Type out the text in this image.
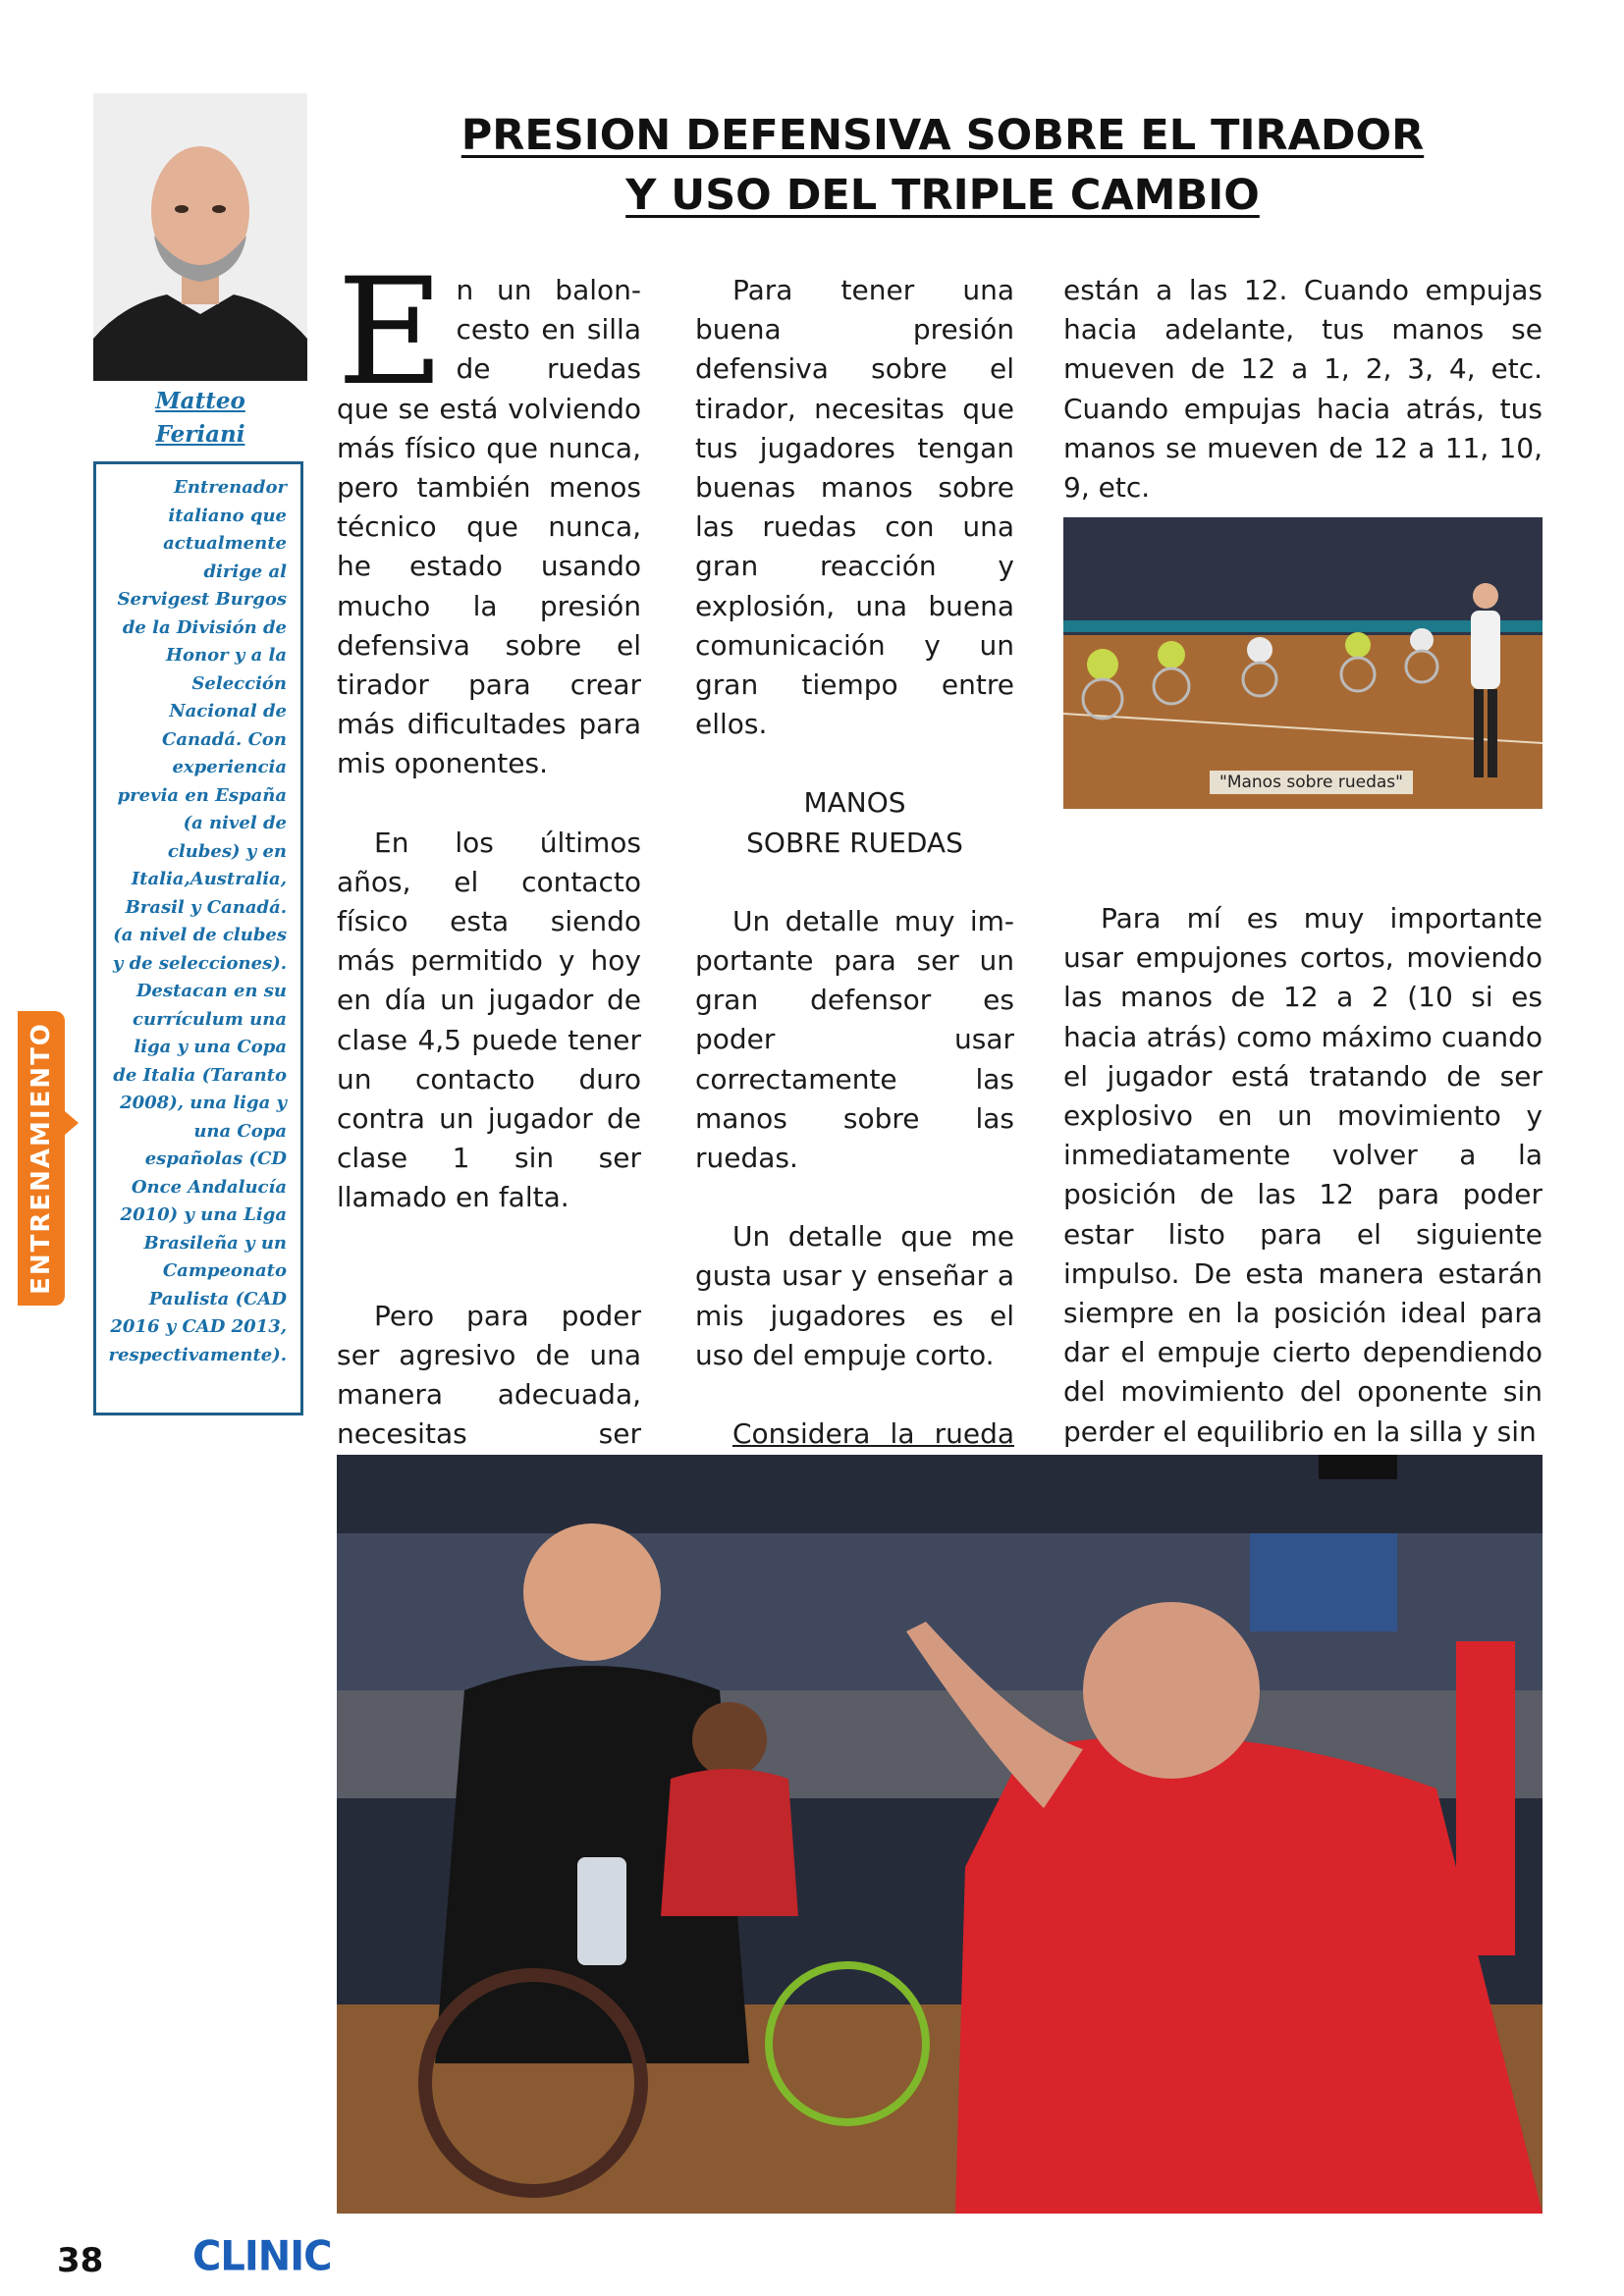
Matteo
Feriani
Entrenador italiano que actualmente dirige al Servigest Burgos de la División de Honor y a la Selección Nacional de Canadá. Con experiencia previa en España (a nivel de clubes) y en Italia,Australia, Brasil y Canadá. (a nivel de clubes y de selecciones). Destacan en su currículum una liga y una Copa de Italia (Taranto 2008), una liga y una Copa españolas (CD Once Andalucía 2010) y una Liga Brasileña y un Campeonato Paulista (CAD 2016 y CAD 2013, respectivamente).
ENTRENAMIENTO
PRESION DEFENSIVA SOBRE EL TIRADOR
Y USO DEL TRIPLE CAMBIO

En un baloncesto en silla de ruedas que se está volviendo más físico que nunca, pero también menos técnico que nunca, he estado usando mucho la presión defensiva sobre el tirador para crear más dificultades para mis oponentes.

En los últimos años, el contacto físico esta siendo más permitido y hoy en día un jugador de clase 4,5 puede tener un contacto duro contra un jugador de clase 1 sin ser llamado en falta.

Pero para poder ser agresivo de una manera adecuada, necesitas ser

Para tener una buena presión defensiva sobre el tirador, necesitas que tus jugadores tengan buenas manos sobre las ruedas con una gran reacción y explosión, una buena comunicación y un gran tiempo entre ellos.

MANOS
SOBRE RUEDAS

Un detalle muy importante para ser un gran defensor es poder usar correctamente las manos sobre las ruedas.

Un detalle que me gusta usar y enseñar a mis jugadores es el uso del empuje corto.

Considera la rueda

están a las 12. Cuando empujas hacia adelante, tus manos se mueven de 12 a 1, 2, 3, 4, etc. Cuando empujas hacia atrás, tus manos se mueven de 12 a 11, 10, 9, etc.

"Manos sobre ruedas"

Para mí es muy importante usar empujones cortos, moviendo las manos de 12 a 2 (10 si es hacia atrás) como máximo cuando el jugador está tratando de ser explosivo en un movimiento y inmediatamente volver a la posición de las 12 para poder estar listo para el siguiente impulso. De esta manera estarán siempre en la posición ideal para dar el empuje cierto dependiendo del movimiento del oponente sin perder el equilibrio en la silla y sin

38 CLINIC
